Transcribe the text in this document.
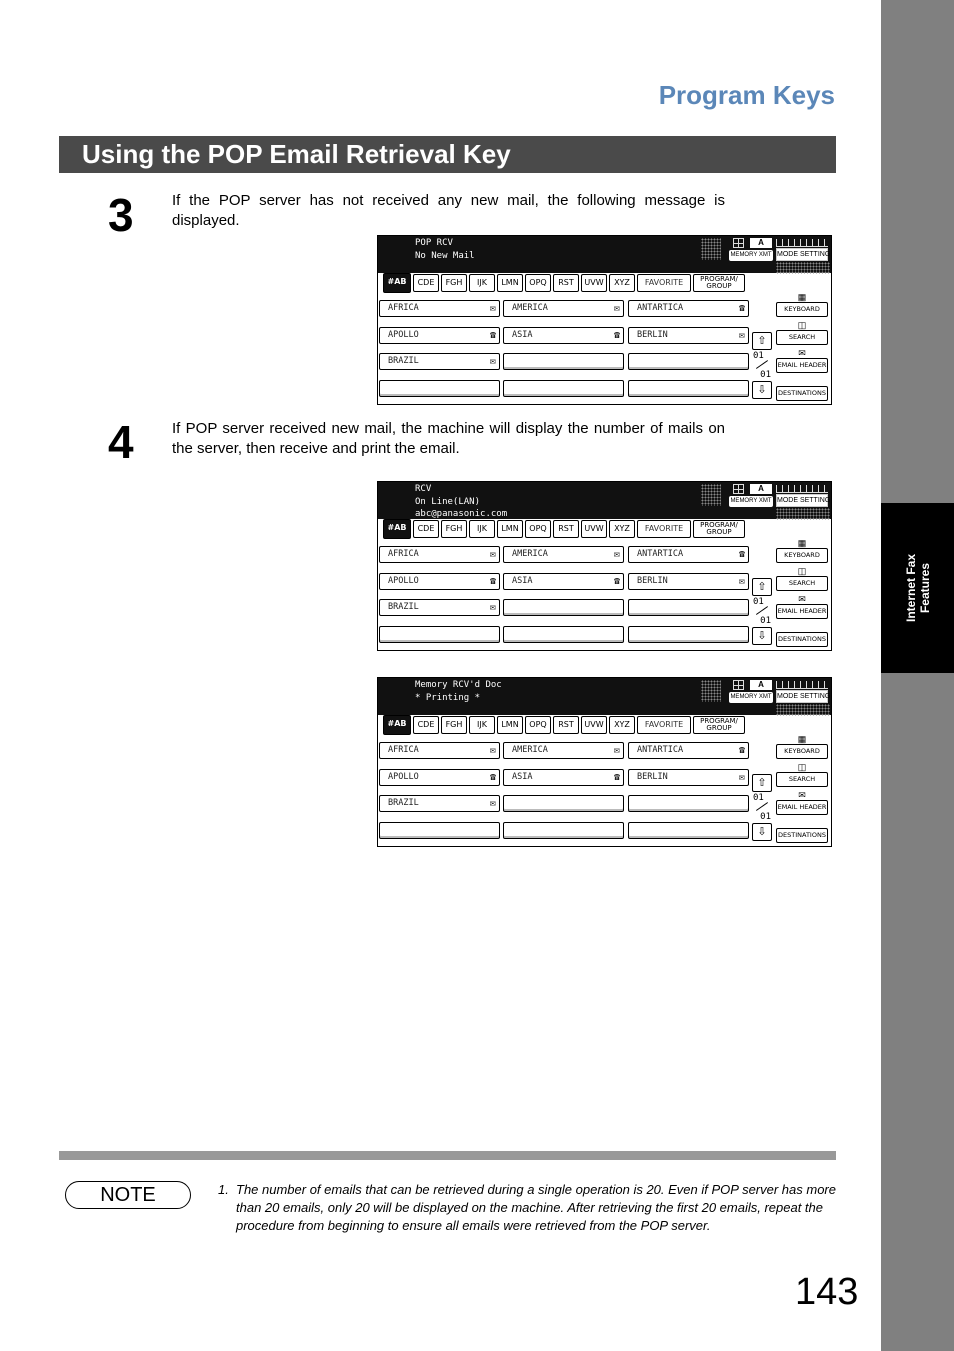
Internet Fax Features
Program Keys
Using the POP Email Retrieval Key
3	If the POP server has not received any new mail, the following message is displayed.
4	If POP server received new mail, the machine will display the number of mails on the server, then receive and print the email.
POP RCV
No New Mail
A
MEMORY XMT MODE SETTING
#AB	CDE	FGH	IJK	LMN	OPQ	RST	UVW	XYZ	FAVORITE	PROGRAM/ GROUP
AFRICA	✉	AMERICA	✉	ANTARTICA	☎
APOLLO	☎	ASIA	☎	BERLIN	✉
BRAZIL	✉
⇧
01
01
⇩
▦
KEYBOARD
◫
SEARCH
✉
EMAIL HEADER
DESTINATIONS
RCV
On Line(LAN)
abc@panasonic.com
A
MEMORY XMT MODE SETTING
#AB	CDE	FGH	IJK	LMN	OPQ	RST	UVW	XYZ	FAVORITE	PROGRAM/ GROUP
AFRICA	✉	AMERICA	✉	ANTARTICA	☎
APOLLO	☎	ASIA	☎	BERLIN	✉
BRAZIL	✉
⇧
01
01
⇩
▦
KEYBOARD
◫
SEARCH
✉
EMAIL HEADER
DESTINATIONS
Memory RCV'd Doc
* Printing *
A
MEMORY XMT MODE SETTING
#AB	CDE	FGH	IJK	LMN	OPQ	RST	UVW	XYZ	FAVORITE	PROGRAM/ GROUP
AFRICA	✉	AMERICA	✉	ANTARTICA	☎
APOLLO	☎	ASIA	☎	BERLIN	✉
BRAZIL	✉
⇧
01
01
⇩
▦
KEYBOARD
◫
SEARCH
✉
EMAIL HEADER
DESTINATIONS
NOTE	1. The number of emails that can be retrieved during a single operation is 20. Even if POP server has more than 20 emails, only 20 will be displayed on the machine. After retrieving the first 20 emails, repeat the procedure from beginning to ensure all emails were retrieved from the POP server.
143
